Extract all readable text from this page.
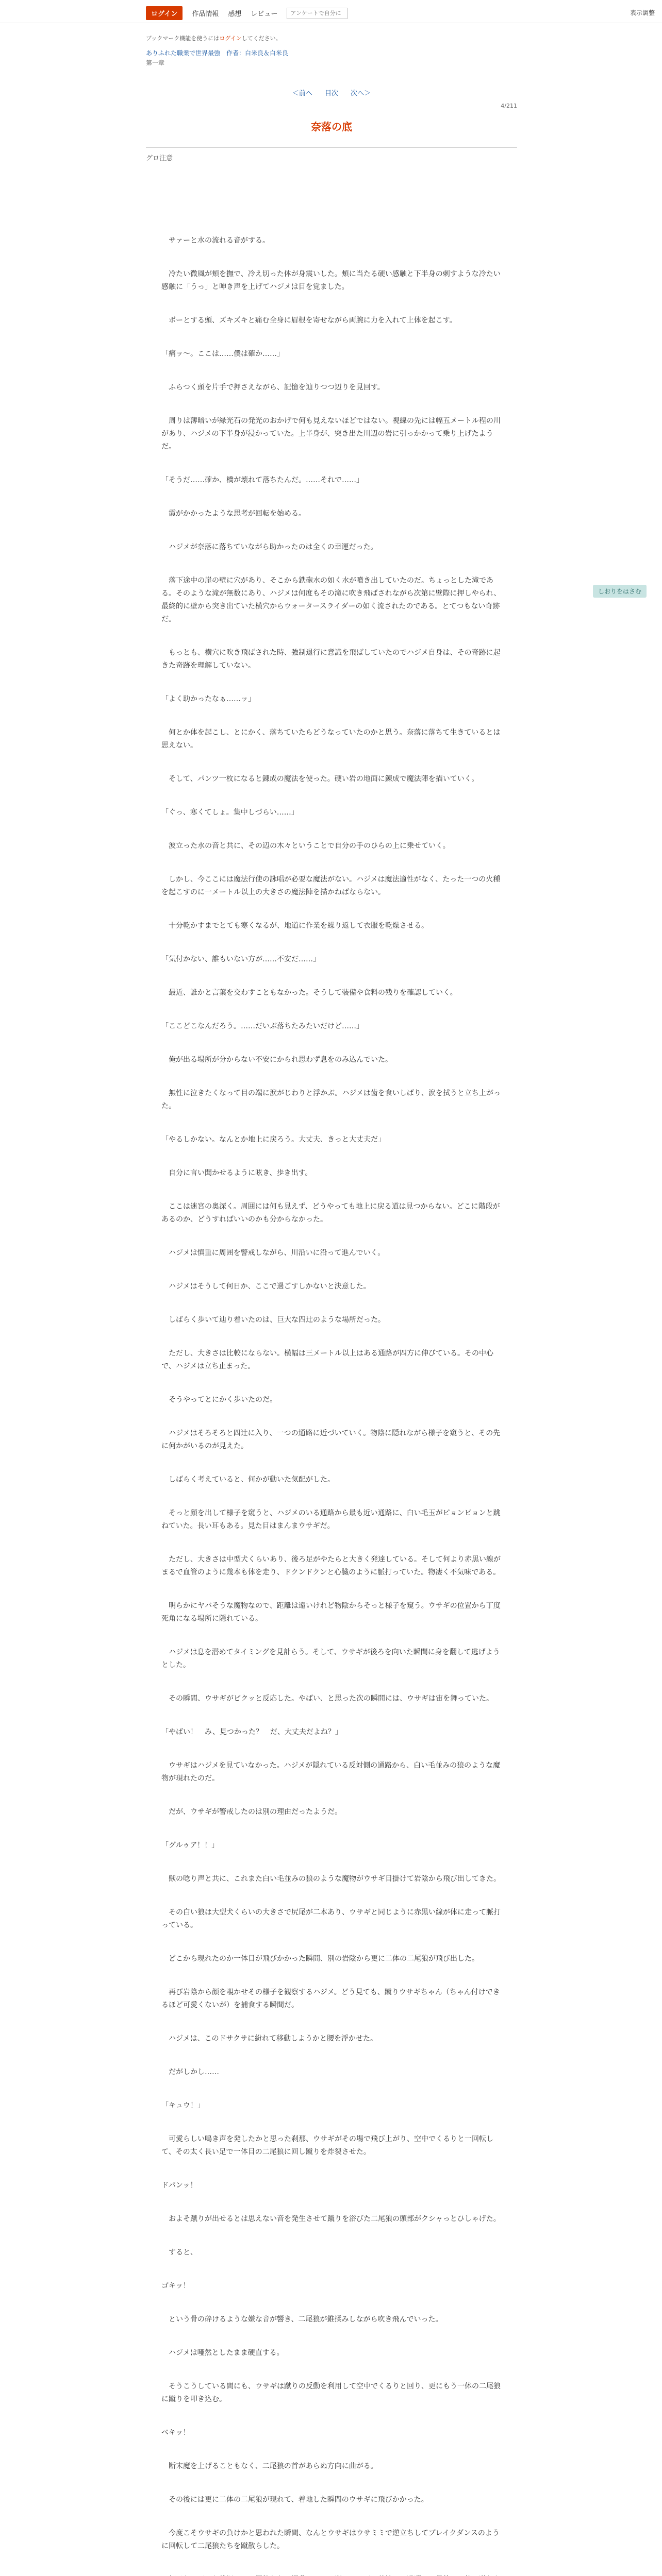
ログイン	作品情報 感想 レビュー
アンケートで自分に	表示調整
ブックマーク機能を使うにはログインしてください。
ありふれた職業で世界最強　作者：白米良＆白米良
第一章
＜前へ 目次 次へ＞
4/211
奈落の底
グロ注意

　サァーと水の流れる音がする。

　冷たい微風が頬を撫で、冷え切った体が身震いした。頬に当たる硬い感触と下半身の刺すような冷たい感触に「うっ」と呻き声を上げてハジメは目を覚ました。

　ボーとする頭、ズキズキと痛む全身に眉根を寄せながら両腕に力を入れて上体を起こす。

「痛ッ～。ここは……僕は確か……」

　ふらつく頭を片手で押さえながら、記憶を辿りつつ辺りを見回す。

　周りは薄暗いが緑光石の発光のおかげで何も見えないほどではない。視線の先には幅五メートル程の川があり、ハジメの下半身が浸かっていた。上半身が、突き出た川辺の岩に引っかかって乗り上げたようだ。

「そうだ……確か、橋が壊れて落ちたんだ。……それで……」

　霞がかかったような思考が回転を始める。

　ハジメが奈落に落ちていながら助かったのは全くの幸運だった。

　落下途中の崖の壁に穴があり、そこから鉄砲水の如く水が噴き出していたのだ。ちょっとした滝である。そのような滝が無数にあり、ハジメは何度もその滝に吹き飛ばされながら次第に壁際に押しやられ、最終的に壁から突き出ていた横穴からウォータースライダーの如く流されたのである。とてつもない奇跡だ。

　もっとも、横穴に吹き飛ばされた時、強制退行に意識を飛ばしていたのでハジメ自身は、その奇跡に起きた奇跡を理解していない。

「よく助かったなぁ……ッ」

　何とか体を起こし、とにかく、落ちていたらどうなっていたのかと思う。奈落に落ちて生きているとは思えない。

　そして、パンツ一枚になると錬成の魔法を使った。硬い岩の地面に錬成で魔法陣を描いていく。

「ぐっ、寒くてしょ。集中しづらい……」

　波立った水の音と共に、その辺の木々ということで自分の手のひらの上に乗せていく。

　しかし、今ここには魔法行使の詠唱が必要な魔法がない。ハジメは魔法適性がなく、たった一つの火種を起こすのに一メートル以上の大きさの魔法陣を描かねばならない。

　十分乾かすまでとても寒くなるが、地道に作業を繰り返して衣服を乾燥させる。

「気付かない、誰もいない方が……不安だ……」

　最近、誰かと言葉を交わすこともなかった。そうして装備や食料の残りを確認していく。

「ここどこなんだろう。……だいぶ落ちたみたいだけど……」

　俺が出る場所が分からない不安にかられ思わず息をのみ込んでいた。

　無性に泣きたくなって目の端に涙がじわりと浮かぶ。ハジメは歯を食いしばり、涙を拭うと立ち上がった。

「やるしかない。なんとか地上に戻ろう。大丈夫、きっと大丈夫だ」

　自分に言い聞かせるように呟き、歩き出す。

　ここは迷宮の奥深く。周囲には何も見えず、どうやっても地上に戻る道は見つからない。どこに階段があるのか、どうすればいいのかも分からなかった。

　ハジメは慎重に周囲を警戒しながら、川沿いに沿って進んでいく。

　ハジメはそうして何日か、ここで過ごすしかないと決意した。

　しばらく歩いて辿り着いたのは、巨大な四辻のような場所だった。

　ただし、大きさは比較にならない。横幅は三メートル以上はある通路が四方に伸びている。その中心で、ハジメは立ち止まった。

　そうやってとにかく歩いたのだ。

　ハジメはそろそろと四辻に入り、一つの通路に近づいていく。物陰に隠れながら様子を窺うと、その先に何かがいるのが見えた。

　しばらく考えていると、何かが動いた気配がした。

　そっと顔を出して様子を窺うと、ハジメのいる通路から最も近い通路に、白い毛玉がピョンピョンと跳ねていた。長い耳もある。見た目はまんまウサギだ。

　ただし、大きさは中型犬くらいあり、後ろ足がやたらと大きく発達している。そして何より赤黒い線がまるで血管のように幾本も体を走り、ドクンドクンと心臓のように脈打っていた。物凄く不気味である。

　明らかにヤバそうな魔物なので、距離は遠いけれど物陰からそっと様子を窺う。ウサギの位置から丁度死角になる場所に隠れている。

　ハジメは息を潜めてタイミングを見計らう。そして、ウサギが後ろを向いた瞬間に身を翻して逃げようとした。

　その瞬間、ウサギがピクッと反応した。やばい、と思った次の瞬間には、ウサギは宙を舞っていた。

「やばい！　み、見つかった？　だ、大丈夫だよね？」

　ウサギはハジメを見ていなかった。ハジメが隠れている反対側の通路から、白い毛並みの狼のような魔物が現れたのだ。

　だが、ウサギが警戒したのは別の理由だったようだ。

「グルゥア！！」

　獣の唸り声と共に、これまた白い毛並みの狼のような魔物がウサギ目掛けて岩陰から飛び出してきた。

　その白い狼は大型犬くらいの大きさで尻尾が二本あり、ウサギと同じように赤黒い線が体に走って脈打っている。

　どこから現れたのか一体目が飛びかかった瞬間、別の岩陰から更に二体の二尾狼が飛び出した。

　再び岩陰から顔を覗かせその様子を観察するハジメ。どう見ても、蹴りウサギちゃん（ちゃん付けできるほど可愛くないが）を捕食する瞬間だ。

　ハジメは、このドサクサに紛れて移動しようかと腰を浮かせた。

　だがしかし……

「キュウ！」

　可愛らしい鳴き声を発したかと思った刹那、ウサギがその場で飛び上がり、空中でくるりと一回転して、その太く長い足で一体目の二尾狼に回し蹴りを炸裂させた。

ドパンッ！

　およそ蹴りが出せるとは思えない音を発生させて蹴りを浴びた二尾狼の頭部がクシャっとひしゃげた。

　すると、

ゴキッ！

　という骨の砕けるような嫌な音が響き、二尾狼が錐揉みしながら吹き飛んでいった。

　ハジメは唖然としたまま硬直する。

　そうこうしている間にも、ウサギは蹴りの反動を利用して空中でくるりと回り、更にもう一体の二尾狼に蹴りを叩き込む。

ベキッ！

　断末魔を上げることもなく、二尾狼の首があらぬ方向に曲がる。

　その後には更に二体の二尾狼が現れて、着地した瞬間のウサギに飛びかかった。

　今度こそウサギの負けかと思われた瞬間、なんとウサギはウサミミで逆立ちしてブレイクダンスのように回転して二尾狼たちを蹴散らした。

しおりをはさむ
